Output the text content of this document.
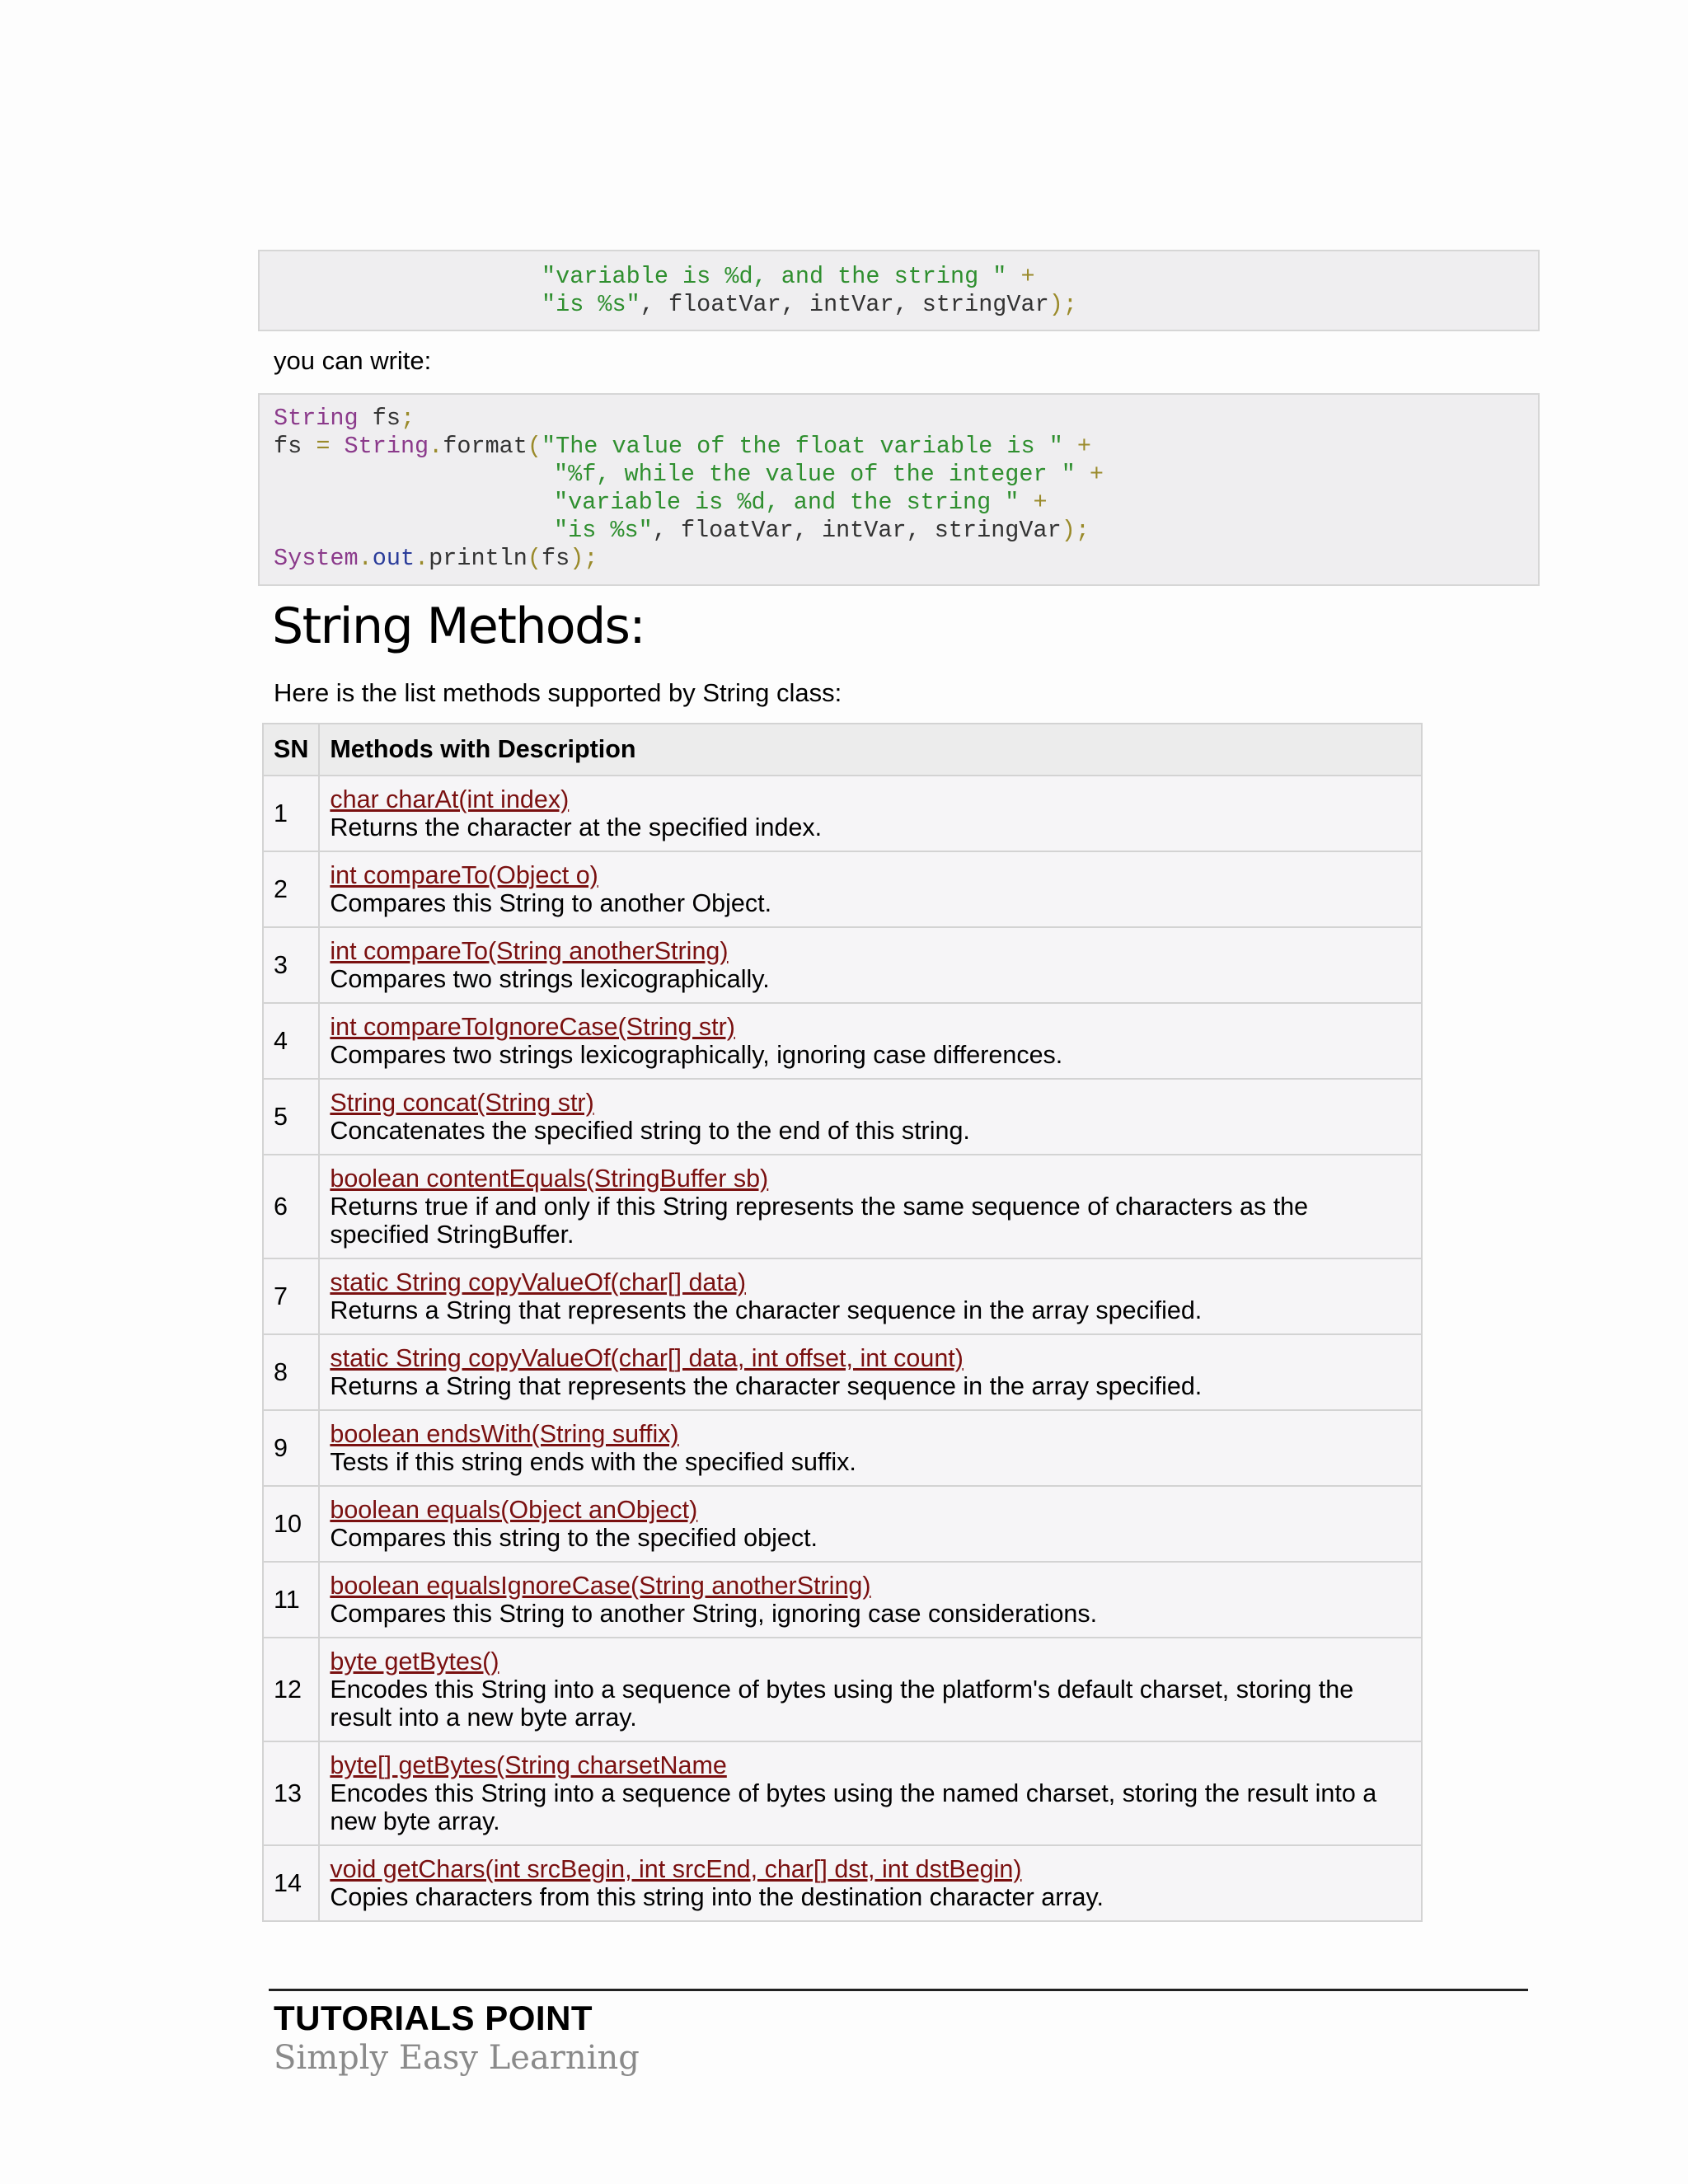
"variable is %d, and the string " +
"is %s", floatVar, intVar, stringVar);
you can write:
String fs;
fs = String.format("The value of the float variable is " +
"%f, while the value of the integer " +
"variable is %d, and the string " +
"is %s", floatVar, intVar, stringVar);
System.out.println(fs);
String Methods:
Here is the list methods supported by String class:
SN	Methods with Description
1	char charAt(int index)
Returns the character at the specified index.

2	int compareTo(Object o)
Compares this String to another Object.

3	int compareTo(String anotherString)
Compares two strings lexicographically.

4	int compareToIgnoreCase(String str)
Compares two strings lexicographically, ignoring case differences.

5	String concat(String str)
Concatenates the specified string to the end of this string.

6	boolean contentEquals(StringBuffer sb)
Returns true if and only if this String represents the same sequence of characters as the specified StringBuffer.

7	static String copyValueOf(char[] data)
Returns a String that represents the character sequence in the array specified.

8	static String copyValueOf(char[] data, int offset, int count)
Returns a String that represents the character sequence in the array specified.

9	boolean endsWith(String suffix)
Tests if this string ends with the specified suffix.

10	boolean equals(Object anObject)
Compares this string to the specified object.

11	boolean equalsIgnoreCase(String anotherString)
Compares this String to another String, ignoring case considerations.

12	byte getBytes()
Encodes this String into a sequence of bytes using the platform's default charset, storing the result into a new byte array.

13	byte[] getBytes(String charsetName
Encodes this String into a sequence of bytes using the named charset, storing the result into a new byte array.

14	void getChars(int srcBegin, int srcEnd, char[] dst, int dstBegin)
Copies characters from this string into the destination character array.
TUTORIALS POINT
Simply Easy Learning
